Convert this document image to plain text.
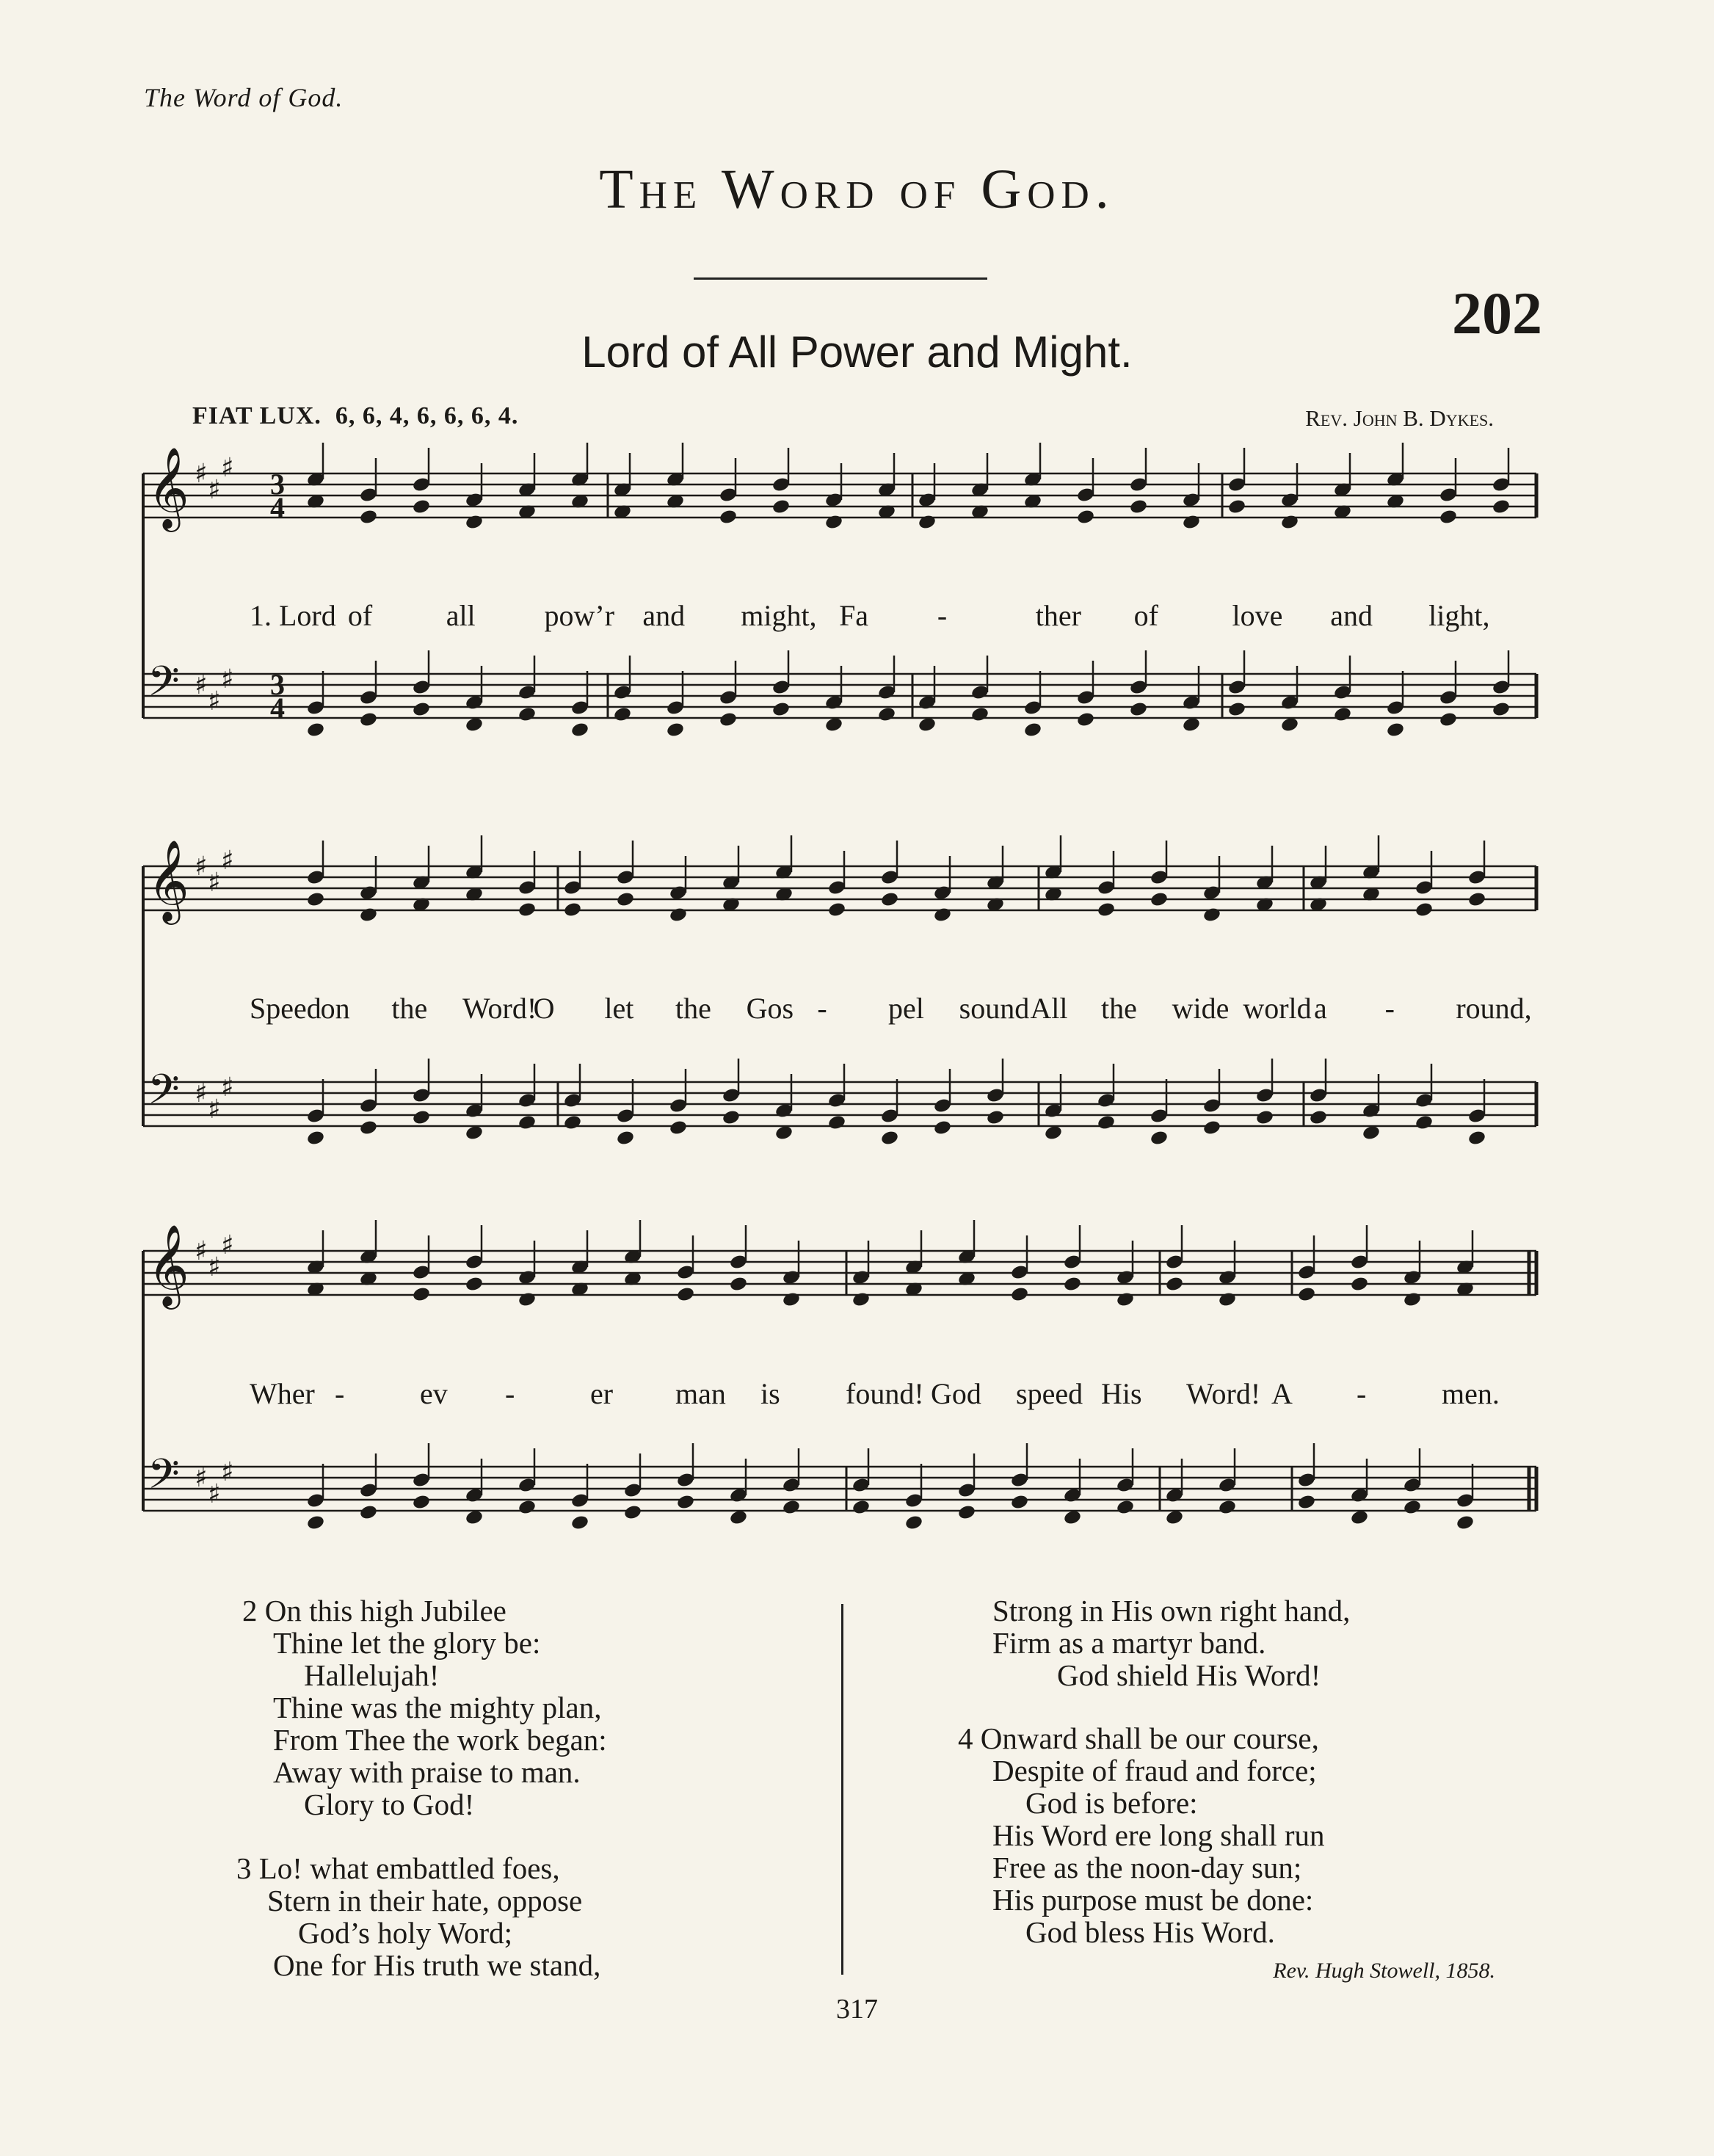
The Word of God.
The Word of God.
202
Lord of All Power and Might.
FIAT LUX. 6, 6, 4, 6, 6, 6, 4.	Rev. John B. Dykes.
𝄞 ♯
♯
♯
𝄢 ♯
♯
♯
3
4
3
4
𝄞 ♯
♯
♯
𝄢 ♯
♯
♯
𝄞 ♯
♯
♯
𝄢 ♯
♯
♯
1. Lord of	all pow’r and might, Fa -	ther of	love and light,
Speed
on the Word!
O let the Gos - pel sound All the wide world a - round,
Wher -	ev -	er man is found! God speed His Word! A -	men.
2 On this high Jubilee
Thine let the glory be:
Hallelujah!
Thine was the mighty plan,
From Thee the work began:
Away with praise to man.
Glory to God!
3 Lo! what embattled foes,
Stern in their hate, oppose
God’s holy Word;
One for His truth we stand,
Strong in His own right hand,
Firm as a martyr band.
God shield His Word!
4 Onward shall be our course,
Despite of fraud and force;
God is before:
His Word ere long shall run
Free as the noon-day sun;
His purpose must be done:
God bless His Word.
Rev. Hugh Stowell, 1858.
317
